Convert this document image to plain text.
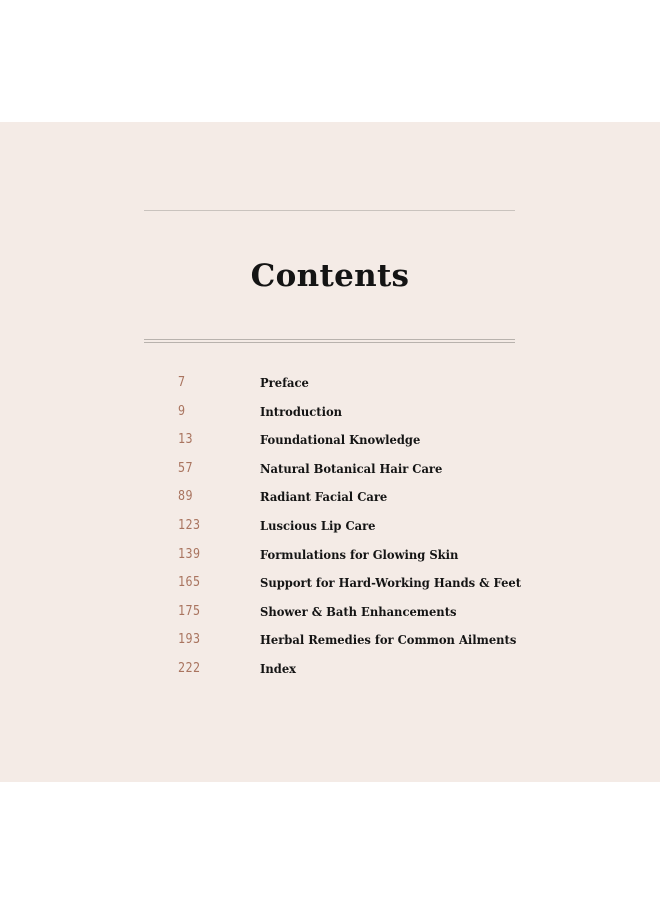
Contents
7	Preface
9	Introduction
13	Foundational Knowledge
57	Natural Botanical Hair Care
89	Radiant Facial Care
123	Luscious Lip Care
139	Formulations for Glowing Skin
165	Support for Hard-Working Hands & Feet
175	Shower & Bath Enhancements
193	Herbal Remedies for Common Ailments
222	Index
